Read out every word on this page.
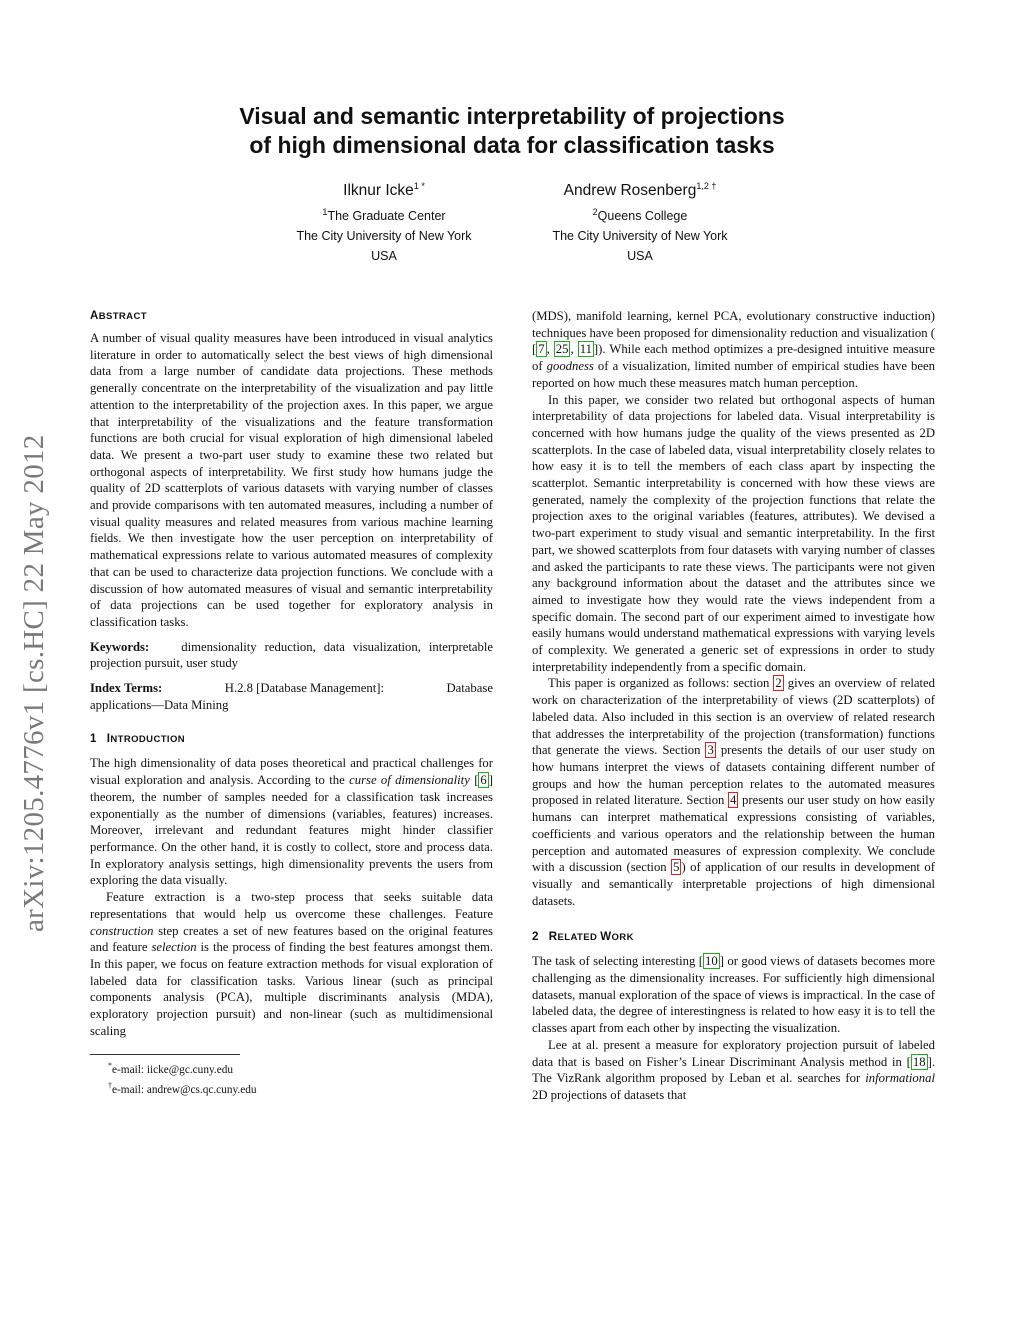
arXiv:1205.4776v1 [cs.HC] 22 May 2012
Visual and semantic interpretability of projections
of high dimensional data for classification tasks
Ilknur Icke$^{1 *}$
$^1$The Graduate Center
The City University of New York
USA
Andrew Rosenberg$^{1,2 \dagger}$
$^2$Queens College
The City University of New York
USA
ABSTRACT

A number of visual quality measures have been introduced in visual analytics literature in order to automatically select the best views of high dimensional data from a large number of candidate data projections. These methods generally concentrate on the interpretability of the visualization and pay little attention to the interpretability of the projection axes. In this paper, we argue that interpretability of the visualizations and the feature transformation functions are both crucial for visual exploration of high dimensional labeled data. We present a two-part user study to examine these two related but orthogonal aspects of interpretability. We first study how humans judge the quality of 2D scatterplots of various datasets with varying number of classes and provide comparisons with ten automated measures, including a number of visual quality measures and related measures from various machine learning fields. We then investigate how the user perception on interpretability of mathematical expressions relate to various automated measures of complexity that can be used to characterize data projection functions. We conclude with a discussion of how automated measures of visual and semantic interpretability of data projections can be used together for exploratory analysis in classification tasks.

Keywords:	dimensionality reduction, data visualization, interpretable projection pursuit, user study

Index Terms:	H.2.8 [Database Management]:	Database
applications—Data Mining
1 INTRODUCTION

The high dimensionality of data poses theoretical and practical challenges for visual exploration and analysis. According to the curse of dimensionality [ 6 ] theorem, the number of samples needed for a classification task increases exponentially as the number of dimensions (variables, features) increases. Moreover, irrelevant and redundant features might hinder classifier performance. On the other hand, it is costly to collect, store and process data. In exploratory analysis settings, high dimensionality prevents the users from exploring the data visually.

Feature extraction is a two-step process that seeks suitable data representations that would help us overcome these challenges. Feature construction step creates a set of new features based on the original features and feature selection is the process of finding the best features amongst them. In this paper, we focus on feature extraction methods for visual exploration of labeled data for classification tasks. Various linear (such as principal components analysis (PCA), multiple discriminants analysis (MDA), exploratory projection pursuit) and non-linear (such as multidimensional scaling

*e-mail: iicke@gc.cuny.edu

†e-mail: andrew@cs.qc.cuny.edu

(MDS), manifold learning, kernel PCA, evolutionary constructive induction) techniques have been proposed for dimensionality reduction and visualization ( [ 7 , 25 , 11 ]). While each method optimizes a pre-designed intuitive measure of goodness of a visualization, limited number of empirical studies have been reported on how much these measures match human perception.

In this paper, we consider two related but orthogonal aspects of human interpretability of data projections for labeled data. Visual interpretability is concerned with how humans judge the quality of the views presented as 2D scatterplots. In the case of labeled data, visual interpretability closely relates to how easy it is to tell the members of each class apart by inspecting the scatterplot. Semantic interpretability is concerned with how these views are generated, namely the complexity of the projection functions that relate the projection axes to the original variables (features, attributes). We devised a two-part experiment to study visual and semantic interpretability. In the first part, we showed scatterplots from four datasets with varying number of classes and asked the participants to rate these views. The participants were not given any background information about the dataset and the attributes since we aimed to investigate how they would rate the views independent from a specific domain. The second part of our experiment aimed to investigate how easily humans would understand mathematical expressions with varying levels of complexity. We generated a generic set of expressions in order to study interpretability independently from a specific domain.

This paper is organized as follows: section 2 gives an overview of related work on characterization of the interpretability of views (2D scatterplots) of labeled data. Also included in this section is an overview of related research that addresses the interpretability of the projection (transformation) functions that generate the views. Section 3 presents the details of our user study on how humans interpret the views of datasets containing different number of groups and how the human perception relates to the automated measures proposed in related literature. Section 4 presents our user study on how easily humans can interpret mathematical expressions consisting of variables, coefficients and various operators and the relationship between the human perception and automated measures of expression complexity. We conclude with a discussion (section 5 ) of application of our results in development of visually and semantically interpretable projections of high dimensional datasets.

2 RELATED WORK

The task of selecting interesting [ 10 ] or good views of datasets becomes more challenging as the dimensionality increases. For sufficiently high dimensional datasets, manual exploration of the space of views is impractical. In the case of labeled data, the degree of interestingness is related to how easy it is to tell the classes apart from each other by inspecting the visualization.

Lee at al. present a measure for exploratory projection pursuit of labeled data that is based on Fisher’s Linear Discriminant Analysis method in [ 18 ]. The VizRank algorithm proposed by Leban et al. searches for informational 2D projections of datasets that
